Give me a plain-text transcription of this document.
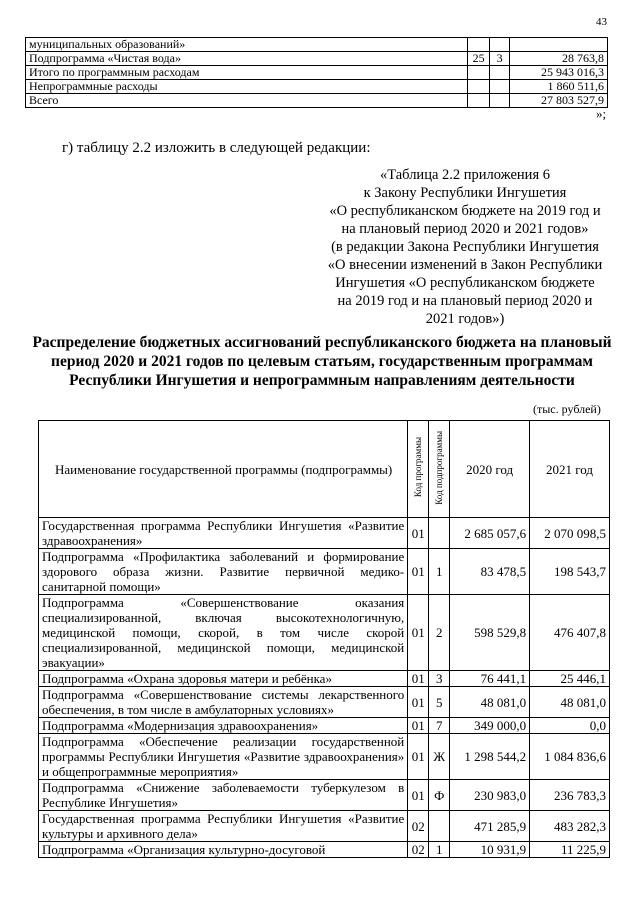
43
муниципальных образований»			
Подпрограмма «Чистая вода»	25	3	28 763,8
Итого по программным расходам			25 943 016,3
Непрограммные расходы			1 860 511,6
Всего			27 803 527,9
»;
г) таблицу 2.2 изложить в следующей редакции:
«Таблица 2.2 приложения 6
к Закону Республики Ингушетия
«О республиканском бюджете на 2019 год и
на плановый период 2020 и 2021 годов»
(в редакции Закона Республики Ингушетия
«О внесении изменений в Закон Республики
Ингушетия «О республиканском бюджете
на 2019 год и на плановый период 2020 и
2021 годов»)
Распределение бюджетных ассигнований республиканского бюджета на плановый
период 2020 и 2021 годов по целевым статьям, государственным программам
Республики Ингушетия и непрограммным направлениям деятельности
(тыс. рублей)
Наименование государственной программы (подпрограммы)	Код программы	Код подпрограммы	2020 год	2021 год
Государственная программа Республики Ингушетия «Развитие здравоохранения»	01		2 685 057,6	2 070 098,5
Подпрограмма «Профилактика заболеваний и формирование здорового образа жизни. Развитие первичной медико-санитарной помощи»	01	1	83 478,5	198 543,7
Подпрограмма «Совершенствование оказания специализированной, включая высокотехнологичную, медицинской помощи, скорой, в том числе скорой специализированной, медицинской помощи, медицинской эвакуации»	01	2	598 529,8	476 407,8
Подпрограмма «Охрана здоровья матери и ребёнка»	01	3	76 441,1	25 446,1
Подпрограмма «Совершенствование системы лекарственного обеспечения, в том числе в амбулаторных условиях»	01	5	48 081,0	48 081,0
Подпрограмма «Модернизация здравоохранения»	01	7	349 000,0	0,0
Подпрограмма «Обеспечение реализации государственной программы Республики Ингушетия «Развитие здравоохранения» и общепрограммные мероприятия»	01	Ж	1 298 544,2	1 084 836,6
Подпрограмма «Снижение заболеваемости туберкулезом в Республике Ингушетия»	01	Ф	230 983,0	236 783,3
Государственная программа Республики Ингушетия «Развитие культуры и архивного дела»	02		471 285,9	483 282,3
Подпрограмма «Организация культурно-досуговой	02	1	10 931,9	11 225,9
